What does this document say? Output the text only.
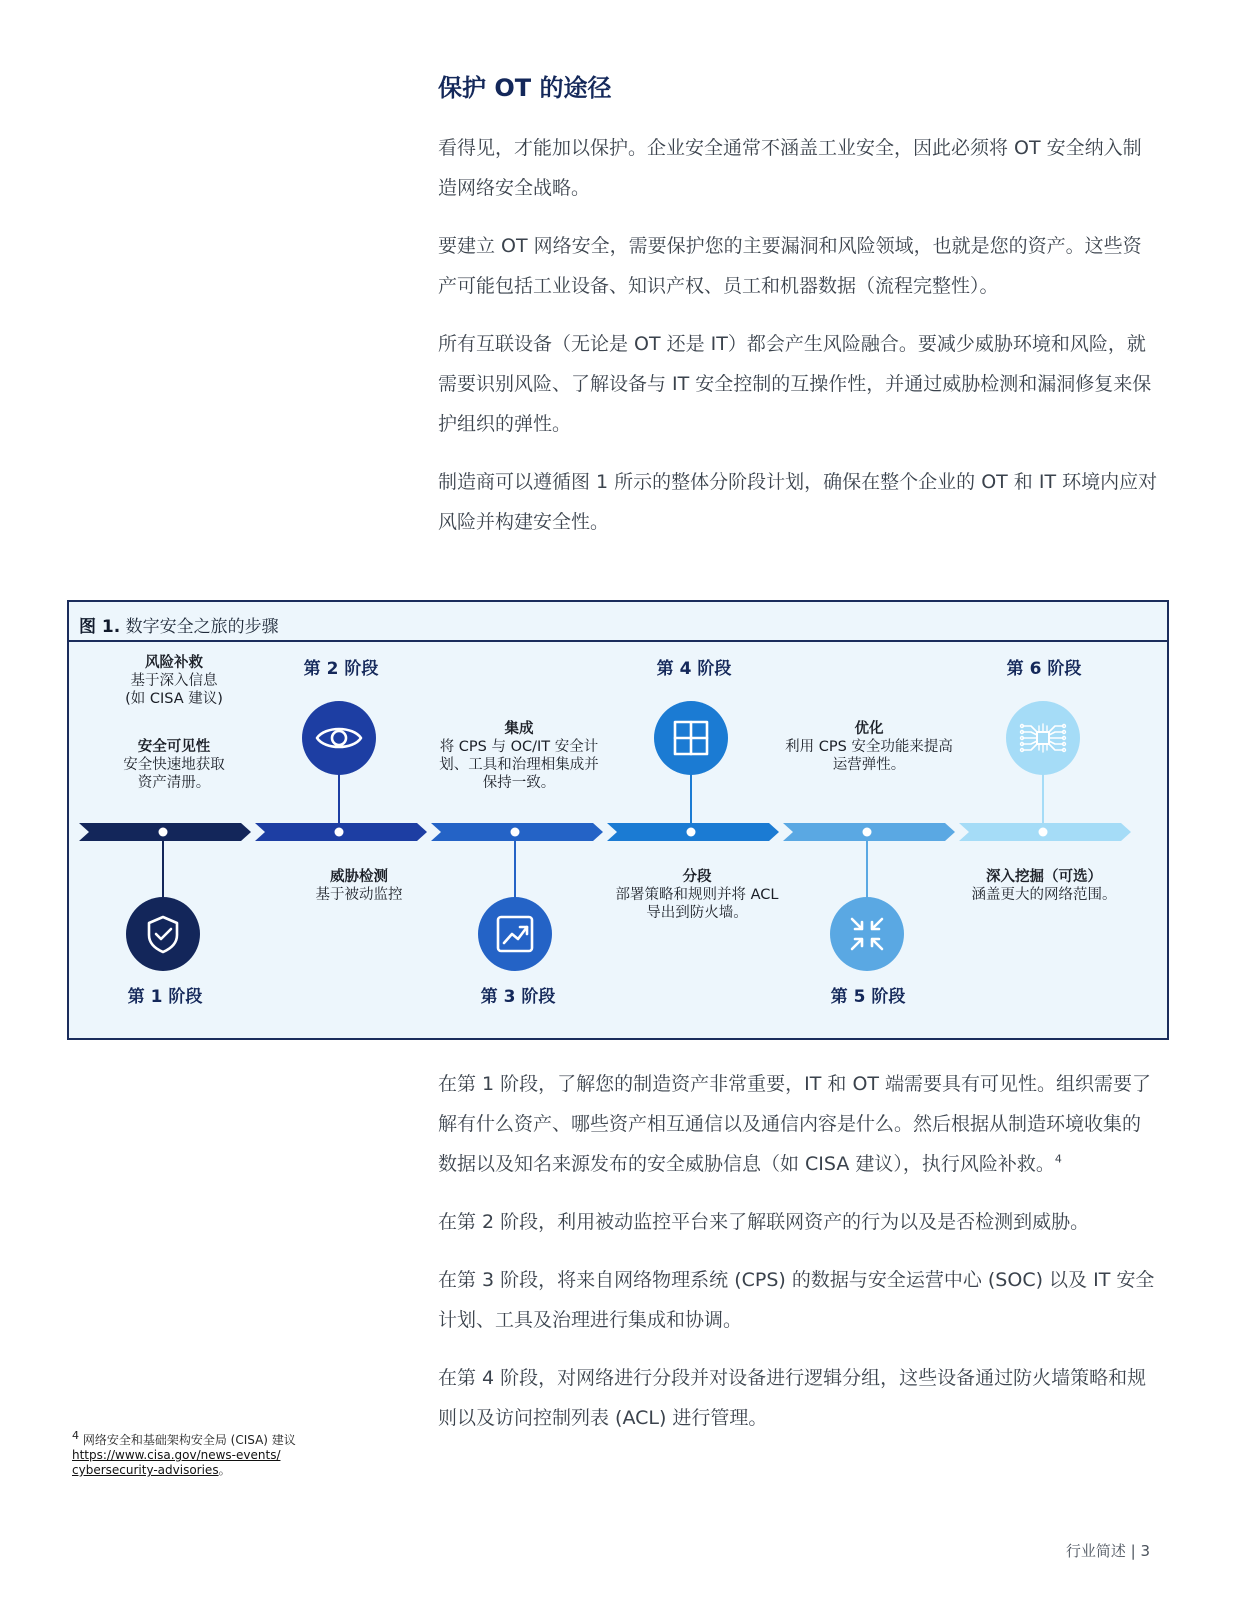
保护 OT 的途径

看得见，才能加以保护。企业安全通常不涵盖工业安全，因此必须将 OT 安全纳入制造网络安全战略。

要建立 OT 网络安全，需要保护您的主要漏洞和风险领域，也就是您的资产。这些资产可能包括工业设备、知识产权、员工和机器数据（流程完整性）。

所有互联设备（无论是 OT 还是 IT）都会产生风险融合。要减少威胁环境和风险，就需要识别风险、了解设备与 IT 安全控制的互操作性，并通过威胁检测和漏洞修复来保护组织的弹性。

制造商可以遵循图 1 所示的整体分阶段计划，确保在整个企业的 OT 和 IT 环境内应对风险并构建安全性。

图 1. 数字安全之旅的步骤
风险补救
基于深入信息
(如 CISA 建议)
安全可见性
安全快速地获取
资产清册。
集成
将 CPS 与 OC/IT 安全计
划、工具和治理相集成并
保持一致。
优化
利用 CPS 安全功能来提高
运营弹性。
威胁检测
基于被动监控
分段
部署策略和规则并将 ACL
导出到防火墙。
深入挖掘（可选）
涵盖更大的网络范围。
第 1 阶段
第 2 阶段
第 3 阶段
第 4 阶段
第 5 阶段
第 6 阶段

在第 1 阶段，了解您的制造资产非常重要，IT 和 OT 端需要具有可见性。组织需要了解有什么资产、哪些资产相互通信以及通信内容是什么。然后根据从制造环境收集的数据以及知名来源发布的安全威胁信息（如 CISA 建议），执行风险补救。$^4$

在第 2 阶段，利用被动监控平台来了解联网资产的行为以及是否检测到威胁。

在第 3 阶段，将来自网络物理系统 (CPS) 的数据与安全运营中心 (SOC) 以及 IT 安全计划、工具及治理进行集成和协调。

在第 4 阶段，对网络进行分段并对设备进行逻辑分组，这些设备通过防火墙策略和规则以及访问控制列表 (ACL) 进行管理。

$^4$ 网络安全和基础架构安全局 (CISA) 建议
https://www.cisa.gov/news-events/
cybersecurity-advisories。
行业简述 | 3
